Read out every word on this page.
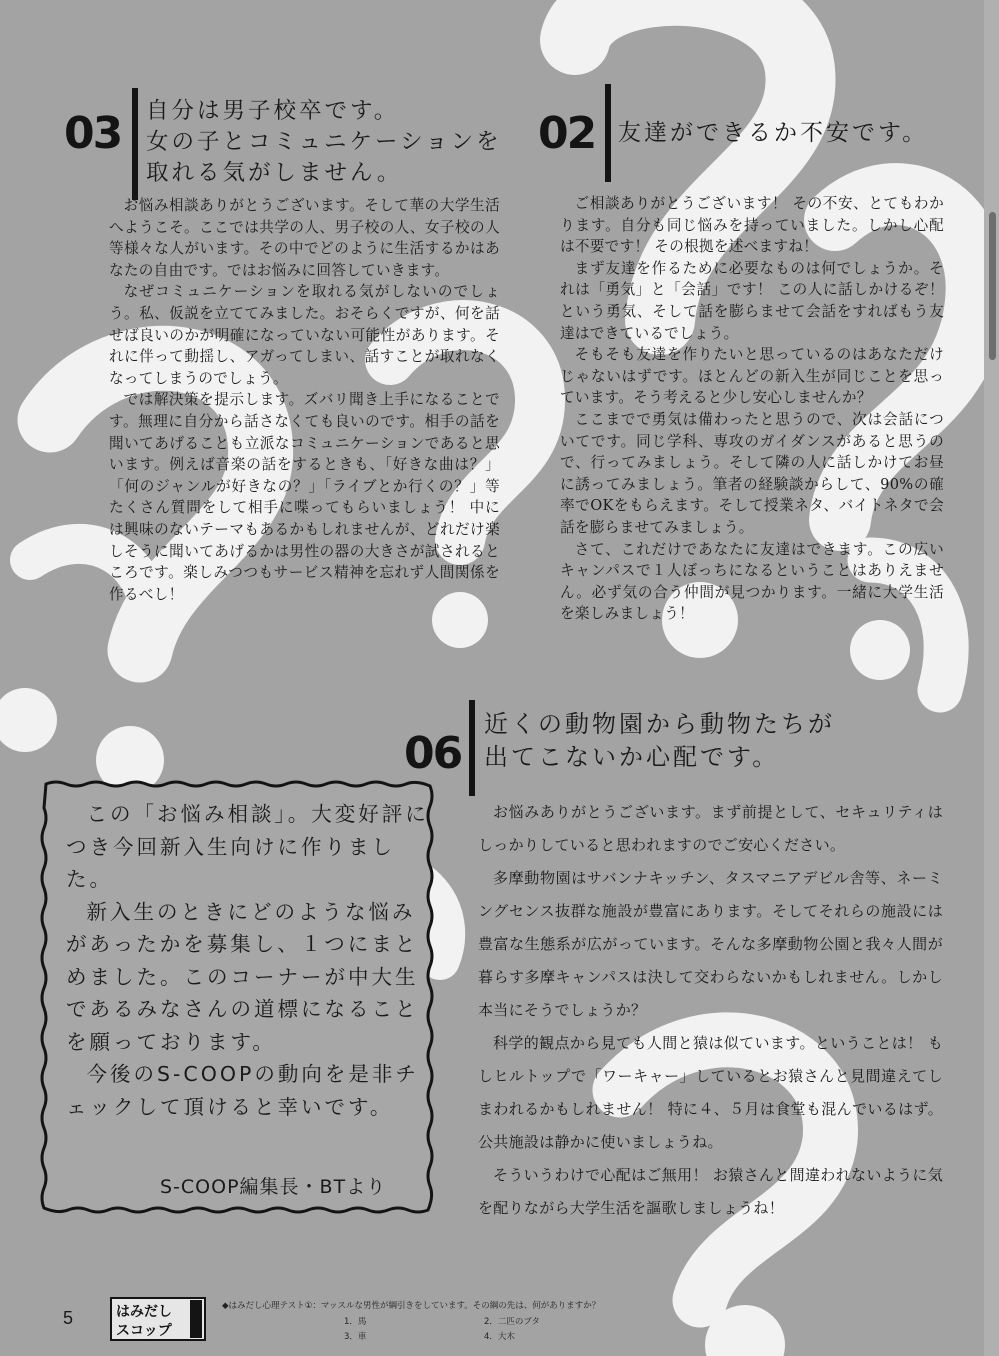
03 自分は男子校卒です。
女の子とコミュニケーションを
取れる気がしません。

お悩み相談ありがとうございます。そして華の大学生活へようこそ。ここでは共学の人、男子校の人、女子校の人等様々な人がいます。その中でどのように生活するかはあなたの自由です。ではお悩みに回答していきます。

なぜコミュニケーションを取れる気がしないのでしょう。私、仮説を立ててみました。おそらくですが、何を話せば良いのかが明確になっていない可能性があります。それに伴って動揺し、アガってしまい、話すことが取れなくなってしまうのでしょう。

では解決策を提示します。ズバリ聞き上手になることです。無理に自分から話さなくても良いのです。相手の話を聞いてあげることも立派なコミュニケーションであると思います。例えば音楽の話をするときも、「好きな曲は？」「何のジャンルが好きなの？」「ライブとか行くの？」等たくさん質問をして相手に喋ってもらいましょう！ 中には興味のないテーマもあるかもしれませんが、どれだけ楽しそうに聞いてあげるかは男性の器の大きさが試されるところです。楽しみつつもサービス精神を忘れず人間関係を作るべし！

02 友達ができるか不安です。

ご相談ありがとうございます！ その不安、とてもわかります。自分も同じ悩みを持っていました。しかし心配は不要です！ その根拠を述べますね！

まず友達を作るために必要なものは何でしょうか。それは「勇気」と「会話」です！ この人に話しかけるぞ！ という勇気、そして話を膨らませて会話をすればもう友達はできているでしょう。

そもそも友達を作りたいと思っているのはあなただけじゃないはずです。ほとんどの新入生が同じことを思っています。そう考えると少し安心しませんか？

ここまでで勇気は備わったと思うので、次は会話についてです。同じ学科、専攻のガイダンスがあると思うので、行ってみましょう。そして隣の人に話しかけてお昼に誘ってみましょう。筆者の経験談からして、90%の確率でOKをもらえます。そして授業ネタ、バイトネタで会話を膨らませてみましょう。

さて、これだけであなたに友達はできます。この広いキャンパスで１人ぼっちになるということはありえません。必ず気の合う仲間が見つかります。一緒に大学生活を楽しみましょう！

06
近くの動物園から動物たちが
出てこないか心配です。

お悩みありがとうございます。まず前提として、セキュリティはしっかりしていると思われますのでご安心ください。

多摩動物園はサバンナキッチン、タスマニアデビル舎等、ネーミングセンス抜群な施設が豊富にあります。そしてそれらの施設には豊富な生態系が広がっています。そんな多摩動物公園と我々人間が暮らす多摩キャンパスは決して交わらないかもしれません。しかし本当にそうでしょうか？

科学的観点から見ても人間と猿は似ています。ということは！ もしヒルトップで「ワーキャー」しているとお猿さんと見間違えてしまわれるかもしれません！ 特に４、５月は食堂も混んでいるはず。公共施設は静かに使いましょうね。

そういうわけで心配はご無用！ お猿さんと間違われないように気を配りながら大学生活を謳歌しましょうね！

この「お悩み相談」。大変好評につき今回新入生向けに作りました。

新入生のときにどのような悩みがあったかを募集し、１つにまとめました。このコーナーが中大生であるみなさんの道標になることを願っております。

今後のS-COOPの動向を是非チェックして頂けると幸いです。

S-COOP編集長・BTより
5	はみだし
スコップ
◆はみだし心理テスト①：マッスルな男性が綱引きをしています。その綱の先は、何がありますか？
1．馬	2．二匹のブタ
3．車	4．大木
